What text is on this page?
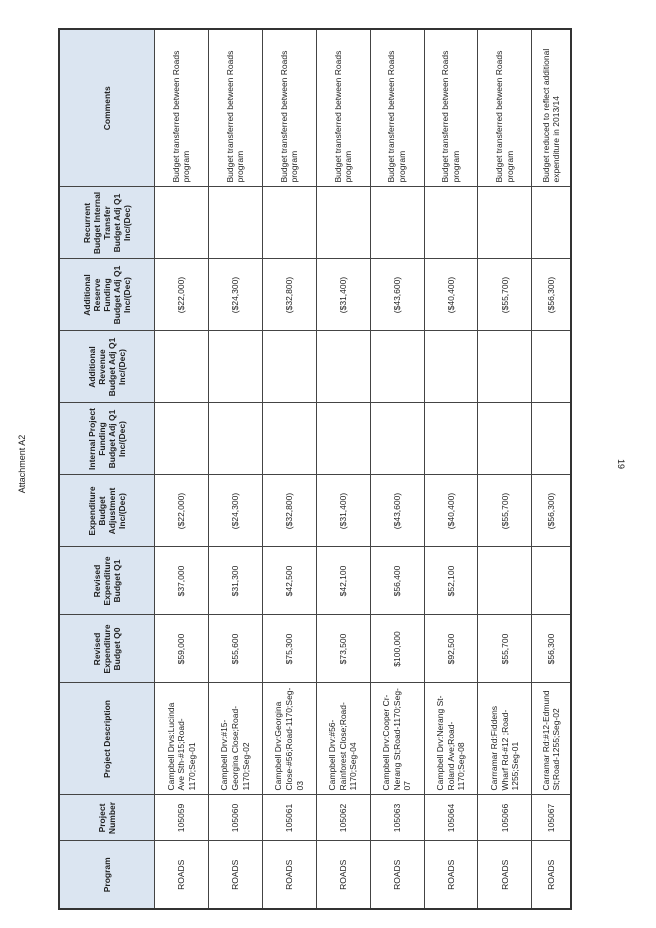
Attachment A2	19
Program	Project Number	Project Description	Revised Expenditure Budget Q0	Revised Expenditure Budget Q1	Expenditure Budget Adjustment Inc/(Dec)	Internal Project Funding Budget Adj Q1 Inc/(Dec)	Additional Revenue Budget Adj Q1 Inc/(Dec)	Additional Reserve Funding Budget Adj Q1 Inc/(Dec)	Recurrent Budget Internal Transfer Budget Adj Q1 Inc/(Dec)	Comments
ROADS	105059	Campbell Drvs:Lucinda Ave Sth-#15;Road-1170;Seg-01	$59,000	$37,000	($22,000)			($22,000)		Budget transferred between Roads program
ROADS	105060	Campbell Drv:#15-Georgina Close;Road-1170;Seg-02	$55,600	$31,300	($24,300)			($24,300)		Budget transferred between Roads program
ROADS	105061	Campbell Drv:Georgina Close-#56;Road-1170;Seg-03	$75,300	$42,500	($32,800)			($32,800)		Budget transferred between Roads program
ROADS	105062	Campbell Drv:#56-Rainforest Close;Road-1170;Seg-04	$73,500	$42,100	($31,400)			($31,400)		Budget transferred between Roads program
ROADS	105063	Campbell Drv:Cooper Cr-Nerang St;Road-1170;Seg-07	$100,000	$56,400	($43,600)			($43,600)		Budget transferred between Roads program
ROADS	105064	Campbell Drv:Nerang St-Roland Ave;Road-1170;Seg-08	$92,500	$52,100	($40,400)			($40,400)		Budget transferred between Roads program
ROADS	105066	Carrramar Rd:Fiddens Wharf Rd-#12 ;Road-1255;Seg-01	$55,700		($55,700)			($55,700)		Budget transferred between Roads program
ROADS	105067	Carramar Rd:#12-Edmund St;Road-1255;Seg-02	$56,300		($56,300)			($56,300)		Budget reduced to reflect additional expenditure in 2013/14
